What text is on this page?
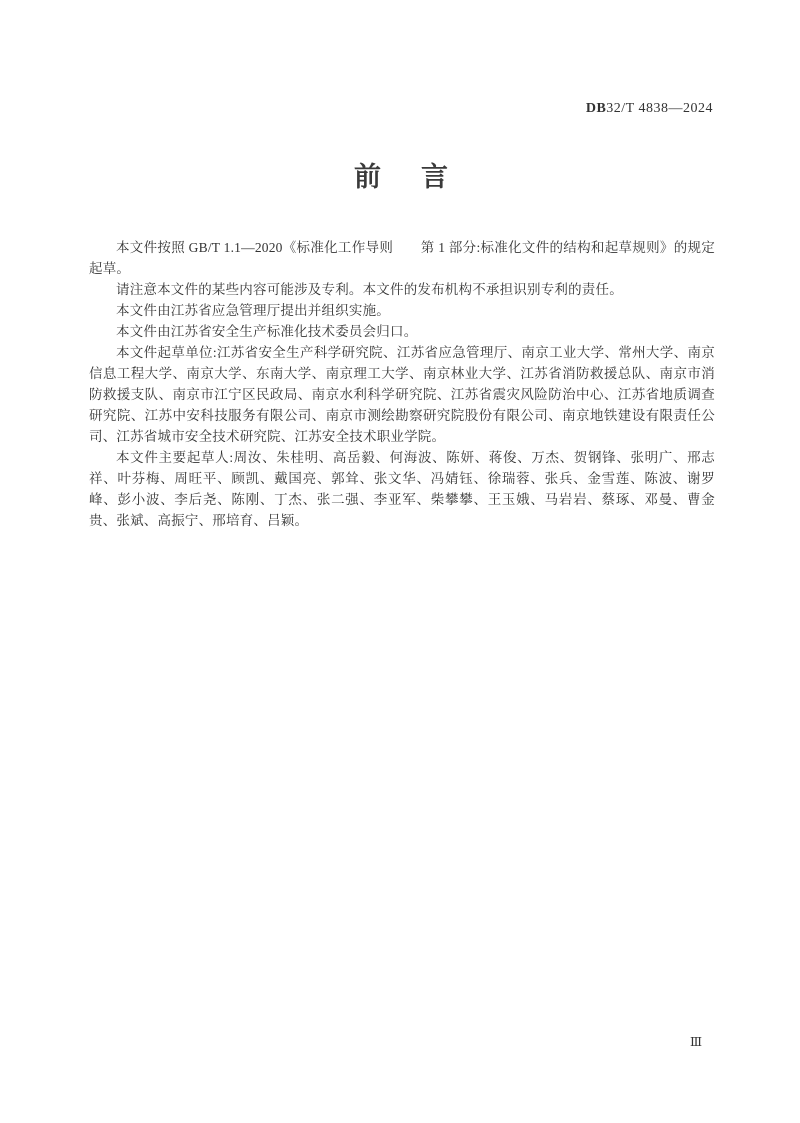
DB32/T 4838—2024
前 言

本文件按照 GB/T 1.1—2020《标准化工作导则　　第 1 部分:标准化文件的结构和起草规则》的规定起草。

请注意本文件的某些内容可能涉及专利。本文件的发布机构不承担识别专利的责任。

本文件由江苏省应急管理厅提出并组织实施。

本文件由江苏省安全生产标准化技术委员会归口。

本文件起草单位:江苏省安全生产科学研究院、江苏省应急管理厅、南京工业大学、常州大学、南京信息工程大学、南京大学、东南大学、南京理工大学、南京林业大学、江苏省消防救援总队、南京市消防救援支队、南京市江宁区民政局、南京水利科学研究院、江苏省震灾风险防治中心、江苏省地质调查研究院、江苏中安科技服务有限公司、南京市测绘勘察研究院股份有限公司、南京地铁建设有限责任公司、江苏省城市安全技术研究院、江苏安全技术职业学院。

本文件主要起草人:周汝、朱桂明、高岳毅、何海波、陈妍、蒋俊、万杰、贺钢锋、张明广、邢志祥、叶芬梅、周旺平、顾凯、戴国亮、郭耸、张文华、冯婧钰、徐瑞蓉、张兵、金雪莲、陈波、谢罗峰、彭小波、李后尧、陈刚、丁杰、张二强、李亚军、柴攀攀、王玉娥、马岩岩、蔡琢、邓曼、曹金贵、张斌、高振宁、邢培育、吕颖。

Ⅲ
